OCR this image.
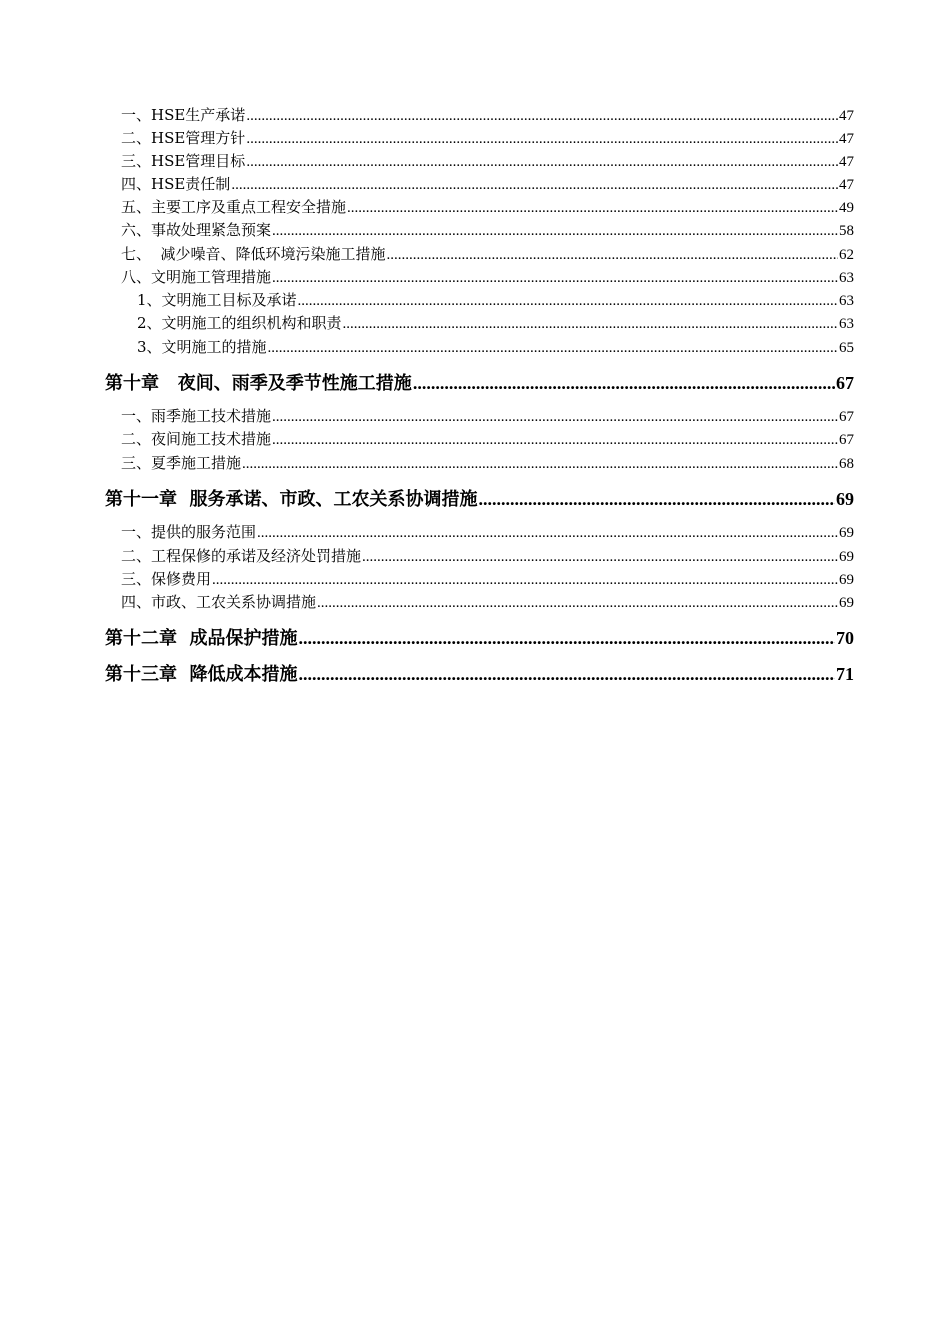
一、HSE生产承诺 .....	47
二、HSE管理方针 .....	47
三、HSE管理目标 .....	47
四、HSE责任制 .....	47
五、主要工序及重点工程安全措施 .....	49
六、事故处理紧急预案 .....	58
七、  减少噪音、降低环境污染施工措施 .....	62
八、文明施工管理措施 .....	63
1、文明施工目标及承诺 .....	63
2、文明施工的组织机构和职责 .....	63
3、文明施工的措施 .....	65
第十章   夜间、雨季及季节性施工措施 .....	67
一、雨季施工技术措施 .....	67
二、夜间施工技术措施 .....	67
三、夏季施工措施 .....	68
第十一章  服务承诺、市政、工农关系协调措施 .....	69
一、提供的服务范围 .....	69
二、工程保修的承诺及经济处罚措施 .....	69
三、保修费用 .....	69
四、市政、工农关系协调措施 .....	69
第十二章  成品保护措施 .....	70
第十三章  降低成本措施 .....	71
